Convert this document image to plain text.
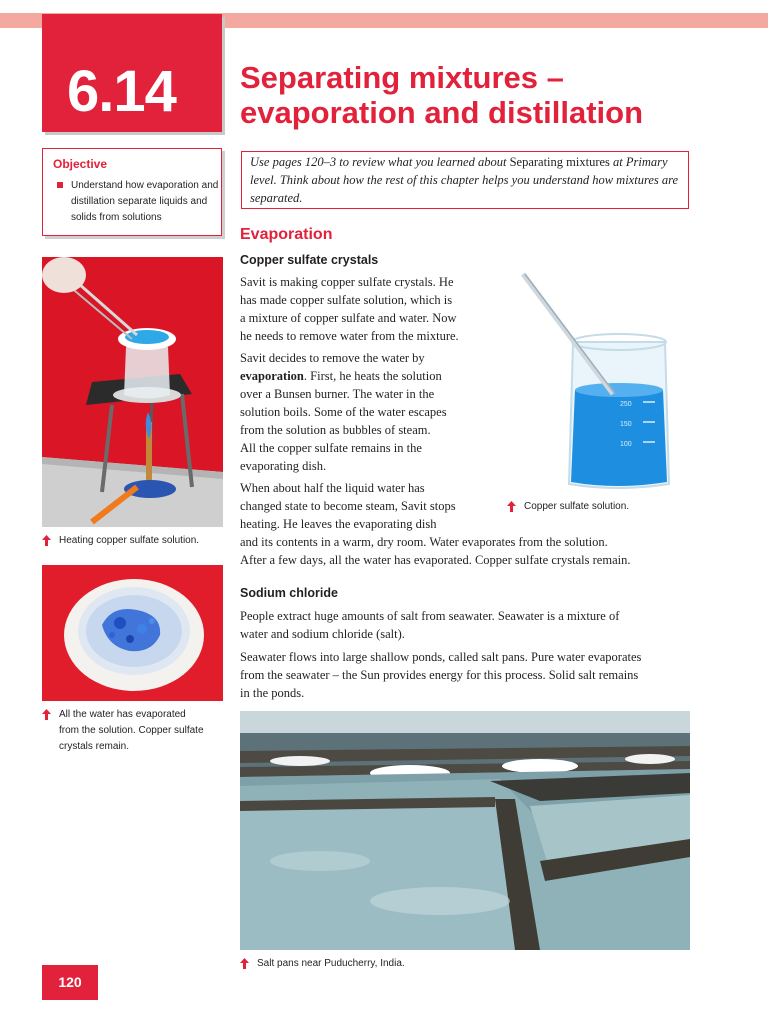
6.14 Separating mixtures –
evaporation and distillation
Objective

Understand how evaporation and distillation separate liquids and solids from solutions

Use pages 120–3 to review what you learned about Separating mixtures at Primary level. Think about how the rest of this chapter helps you understand how mixtures are separated.
Evaporation
Copper sulfate crystals

Savit is making copper sulfate crystals. He
has made copper sulfate solution, which is
a mixture of copper sulfate and water. Now
he needs to remove water from the mixture.

Savit decides to remove the water by
evaporation. First, he heats the solution
over a Bunsen burner. The water in the
solution boils. Some of the water escapes
from the solution as bubbles of steam.
All the copper sulfate remains in the
evaporating dish.

When about half the liquid water has
changed state to become steam, Savit stops
heating. He leaves the evaporating dish
and its contents in a warm, dry room. Water evaporates from the solution.
After a few days, all the water has evaporated. Copper sulfate crystals remain.

Sodium chloride

People extract huge amounts of salt from seawater. Seawater is a mixture of
water and sodium chloride (salt).

Seawater flows into large shallow ponds, called salt pans. Pure water evaporates
from the seawater – the Sun provides energy for this process. Solid salt remains
in the ponds.

Heating copper sulfate solution.
All the water has evaporated
from the solution. Copper sulfate
crystals remain.
250
150
100
Copper sulfate solution.
Salt pans near Puducherry, India.
120
